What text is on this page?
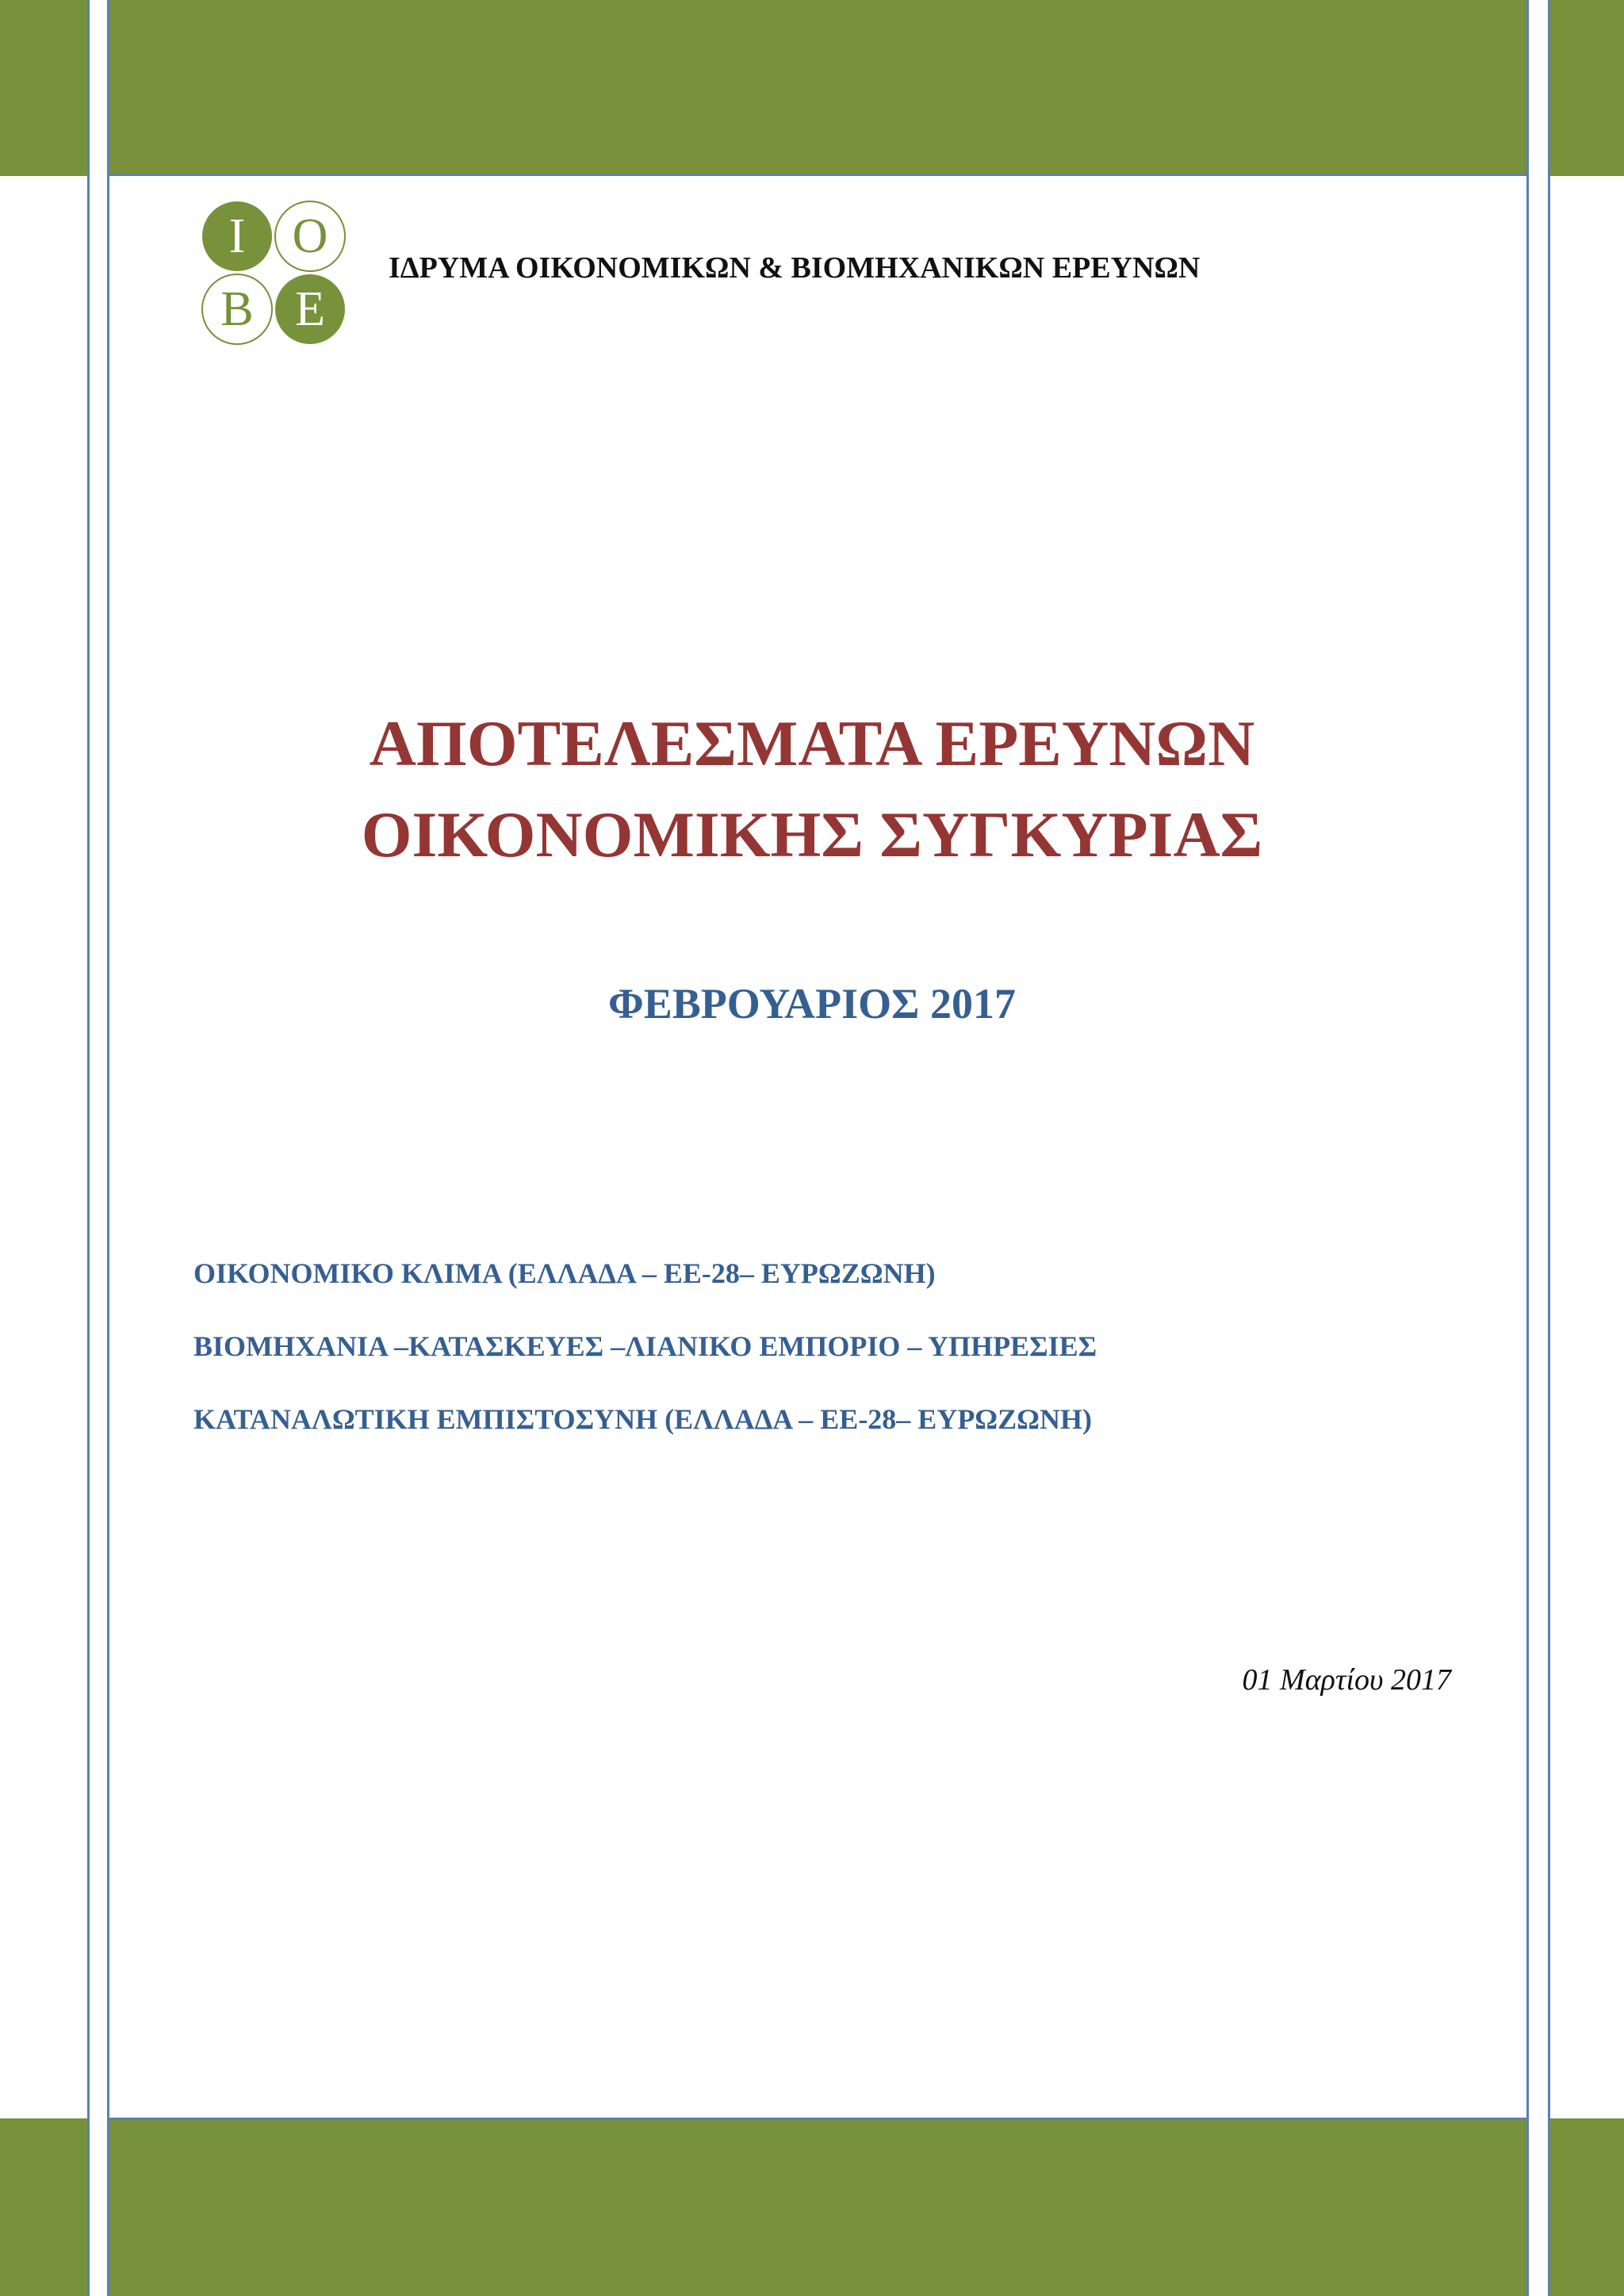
Ι Ο
Β Ε

ΙΔΡΥΜΑ ΟΙΚΟΝΟΜΙΚΩΝ & ΒΙΟΜΗΧΑΝΙΚΩΝ ΕΡΕΥΝΩΝ

ΑΠΟΤΕΛΕΣΜΑΤΑ ΕΡΕΥΝΩΝ
ΟΙΚΟΝΟΜΙΚΗΣ ΣΥΓΚΥΡΙΑΣ
ΦΕΒΡΟΥΑΡΙΟΣ 2017
ΟΙΚΟΝΟΜΙΚΟ ΚΛΙΜΑ (ΕΛΛΑΔΑ – ΕΕ-28– ΕΥΡΩΖΩΝΗ)
ΒΙΟΜΗΧΑΝΙΑ –ΚΑΤΑΣΚΕΥΕΣ –ΛΙΑΝΙΚΟ ΕΜΠΟΡΙΟ – ΥΠΗΡΕΣΙΕΣ
ΚΑΤΑΝΑΛΩΤΙΚΗ ΕΜΠΙΣΤΟΣΥΝΗ (ΕΛΛΑΔΑ – ΕΕ-28– ΕΥΡΩΖΩΝΗ)

01 Μαρτίου 2017
